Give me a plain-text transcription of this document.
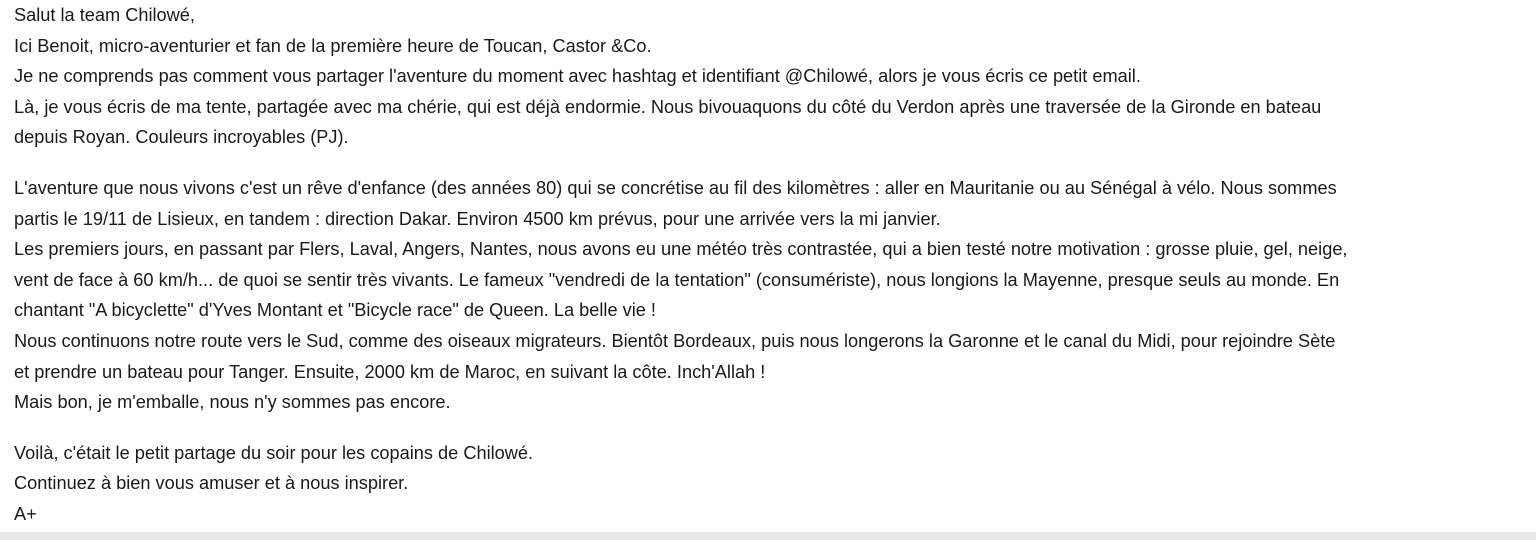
Salut la team Chilowé,

Ici Benoit, micro-aventurier et fan de la première heure de Toucan, Castor &Co.

Je ne comprends pas comment vous partager l'aventure du moment avec hashtag et identifiant @Chilowé, alors je vous écris ce petit email.

Là, je vous écris de ma tente, partagée avec ma chérie, qui est déjà endormie. Nous bivouaquons du côté du Verdon après une traversée de la Gironde en bateau

depuis Royan. Couleurs incroyables (PJ).

L'aventure que nous vivons c'est un rêve d'enfance (des années 80) qui se concrétise au fil des kilomètres : aller en Mauritanie ou au Sénégal à vélo. Nous sommes

partis le 19/11 de Lisieux, en tandem : direction Dakar. Environ 4500 km prévus, pour une arrivée vers la mi janvier.

Les premiers jours, en passant par Flers, Laval, Angers, Nantes, nous avons eu une météo très contrastée, qui a bien testé notre motivation : grosse pluie, gel, neige,

vent de face à 60 km/h... de quoi se sentir très vivants. Le fameux "vendredi de la tentation" (consumériste), nous longions la Mayenne, presque seuls au monde. En

chantant "A bicyclette" d'Yves Montant et "Bicycle race" de Queen. La belle vie !

Nous continuons notre route vers le Sud, comme des oiseaux migrateurs. Bientôt Bordeaux, puis nous longerons la Garonne et le canal du Midi, pour rejoindre Sète

et prendre un bateau pour Tanger. Ensuite, 2000 km de Maroc, en suivant la côte. Inch'Allah !

Mais bon, je m'emballe, nous n'y sommes pas encore.

Voilà, c'était le petit partage du soir pour les copains de Chilowé.

Continuez à bien vous amuser et à nous inspirer.

A+
